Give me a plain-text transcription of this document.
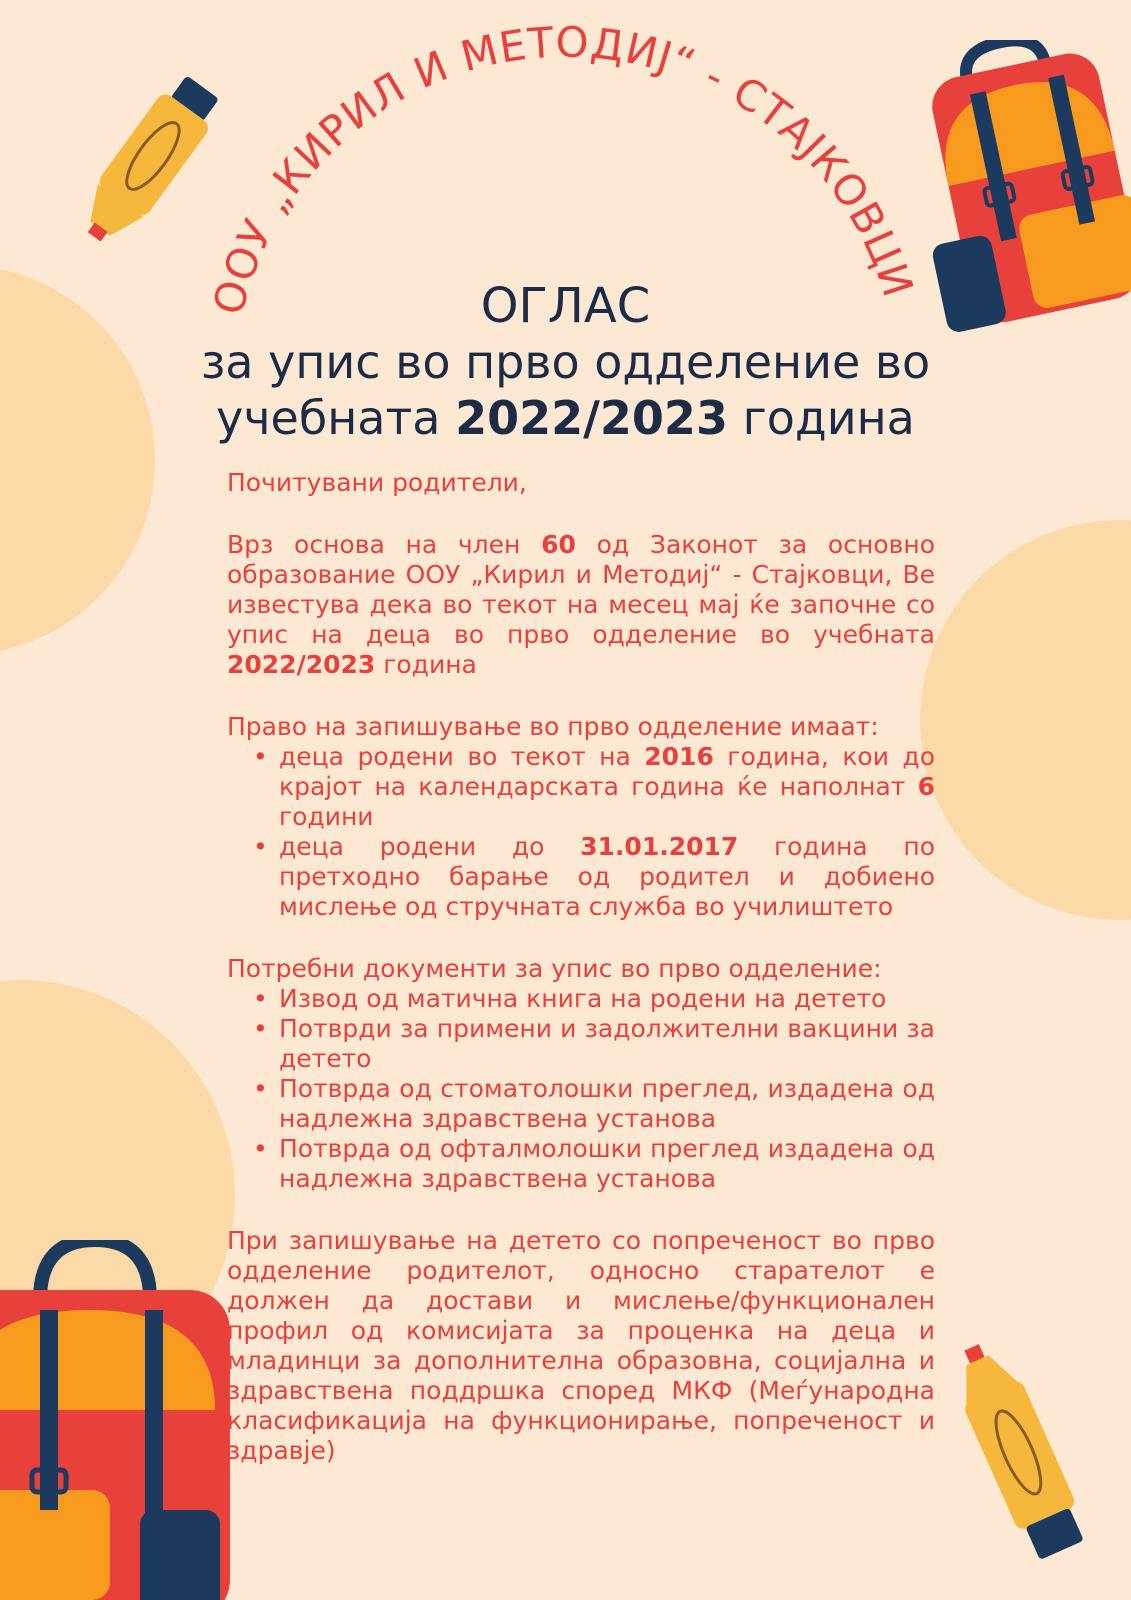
ООУ „КИРИЛ И МЕТОДИЈ“ - СТАЈКОВЦИ
ОГЛАС
за упис во прво одделение во
учебната 2022/2023 година

Почитувани родители,

Врз основа на член 60 од Законот за основно образование ООУ „Кирил и Методиј“ - Стајковци, Ве известува дека во текот на месец мај ќе започне со упис на деца во прво одделение во учебната 2022/2023 година

Право на запишување во прво одделение имаат:

• деца родени во текот на 2016 година, кои до крајот на календарската година ќе наполнат 6 години
• деца родени до 31.01.2017 година по претходно барање од родител и добиено мислење од стручната служба во училиштето

Потребни документи за упис во прво одделение:

• Извод од матична книга на родени на детето
• Потврди за примени и задолжителни вакцини за детето
• Потврда од стоматолошки преглед, издадена од надлежна здравствена установа
• Потврда од офталмолошки преглед издадена од надлежна здравствена установа

При запишување на детето со попреченост во прво одделение родителот, односно старателот е должен да достави и мислење/функционален профил од комисијата за проценка на деца и младинци за дополнителна образовна, социјална и здравствена поддршка според МКФ (Меѓународна класификација на функционирање, попреченост и здравје)
